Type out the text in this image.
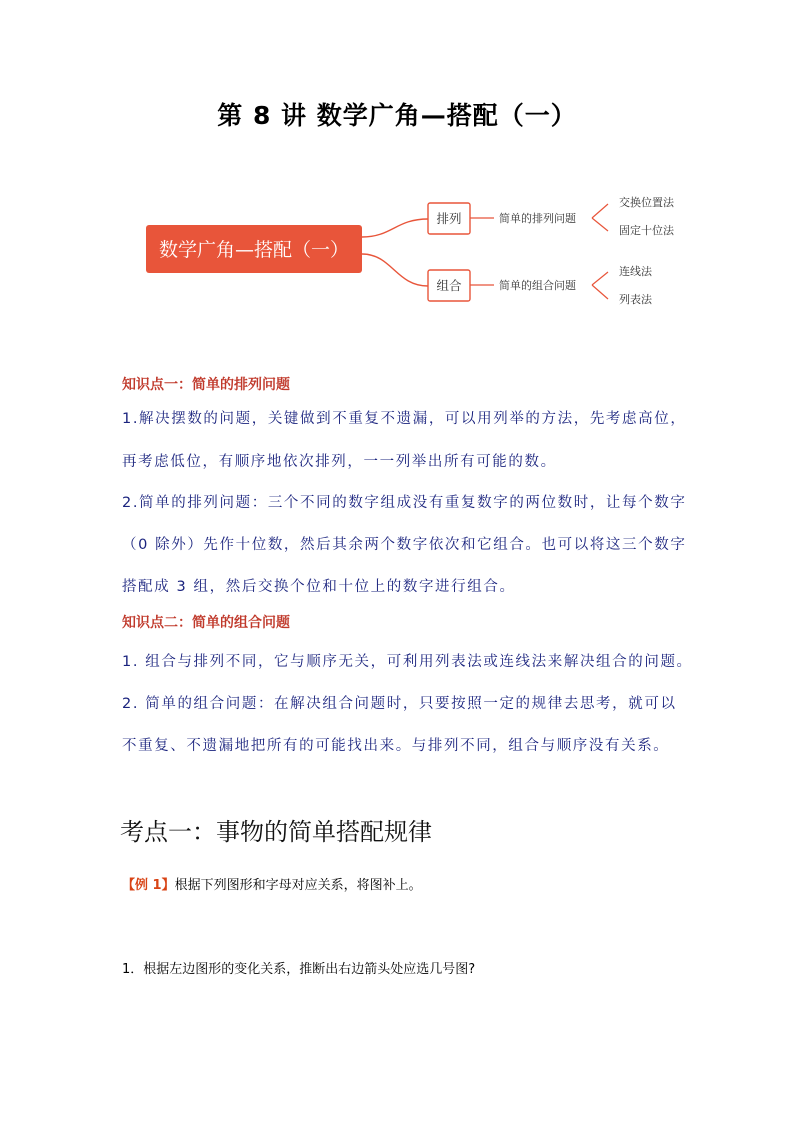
第 8 讲 数学广角—搭配（一）
数学广角—搭配（一）
排列	简单的排列问题
交换位置法
固定十位法
组合	简单的组合问题
连线法
列表法
知识点一：简单的排列问题
1.解决摆数的问题，关键做到不重复不遗漏，可以用列举的方法，先考虑高位，
再考虑低位，有顺序地依次排列，一一列举出所有可能的数。
2.简单的排列问题：三个不同的数字组成没有重复数字的两位数时，让每个数字
（0 除外）先作十位数，然后其余两个数字依次和它组合。也可以将这三个数字
搭配成 3 组，然后交换个位和十位上的数字进行组合。
知识点二：简单的组合问题
1. 组合与排列不同，它与顺序无关，可利用列表法或连线法来解决组合的问题。
2. 简单的组合问题：在解决组合问题时，只要按照一定的规律去思考，就可以
不重复、不遗漏地把所有的可能找出来。与排列不同，组合与顺序没有关系。
考点一：事物的简单搭配规律
【例 1】根据下列图形和字母对应关系，将图补上。
1．根据左边图形的变化关系，推断出右边箭头处应选几号图?
